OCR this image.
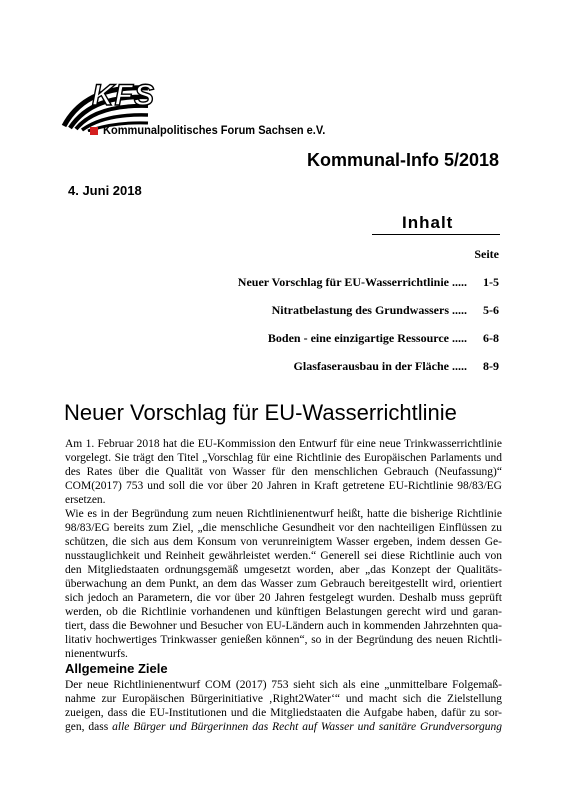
KFS
Kommunalpolitisches Forum Sachsen e.V.
Kommunal-Info 5/2018
4. Juni 2018
Inhalt
Seite
Neuer Vorschlag für EU-Wasserrichtlinie .....	1-5
Nitratbelastung des Grundwassers .....	5-6
Boden - eine einzigartige Ressource .....	6-8
Glasfaserausbau in der Fläche .....	8-9
Neuer Vorschlag für EU-Wasserrichtlinie
Am 1. Februar 2018 hat die EU-Kommission den Entwurf für eine neue Trinkwasserrichtlinie
vorgelegt. Sie trägt den Titel „Vorschlag für eine Richtlinie des Europäischen Parlaments und
des Rates über die Qualität von Wasser für den menschlichen Gebrauch (Neufassung)“
COM(2017) 753 und soll die vor über 20 Jahren in Kraft getretene EU-Richtlinie 98/83/EG
ersetzen.
Wie es in der Begründung zum neuen Richtlinienentwurf heißt, hatte die bisherige Richtlinie
98/83/EG bereits zum Ziel, „die menschliche Gesundheit vor den nachteiligen Einflüssen zu
schützen, die sich aus dem Konsum von verunreinigtem Wasser ergeben, indem dessen Ge-
nusstauglichkeit und Reinheit gewährleistet werden.“ Generell sei diese Richtlinie auch von
den Mitgliedstaaten ordnungsgemäß umgesetzt worden, aber „das Konzept der Qualitäts-
überwachung an dem Punkt, an dem das Wasser zum Gebrauch bereitgestellt wird, orientiert
sich jedoch an Parametern, die vor über 20 Jahren festgelegt wurden. Deshalb muss geprüft
werden, ob die Richtlinie vorhandenen und künftigen Belastungen gerecht wird und garan-
tiert, dass die Bewohner und Besucher von EU-Ländern auch in kommenden Jahrzehnten qua-
litativ hochwertiges Trinkwasser genießen können“, so in der Begründung des neuen Richtli-
nienentwurfs.
Allgemeine Ziele
Der neue Richtlinienentwurf COM (2017) 753 sieht sich als eine „unmittelbare Folgemaß-
nahme zur Europäischen Bürgerinitiative ‚Right2Water‘“ und macht sich die Zielstellung
zueigen, dass die EU-Institutionen und die Mitgliedstaaten die Aufgabe haben, dafür zu sor-
gen, dass alle Bürger und Bürgerinnen das Recht auf Wasser und sanitäre Grundversorgung
